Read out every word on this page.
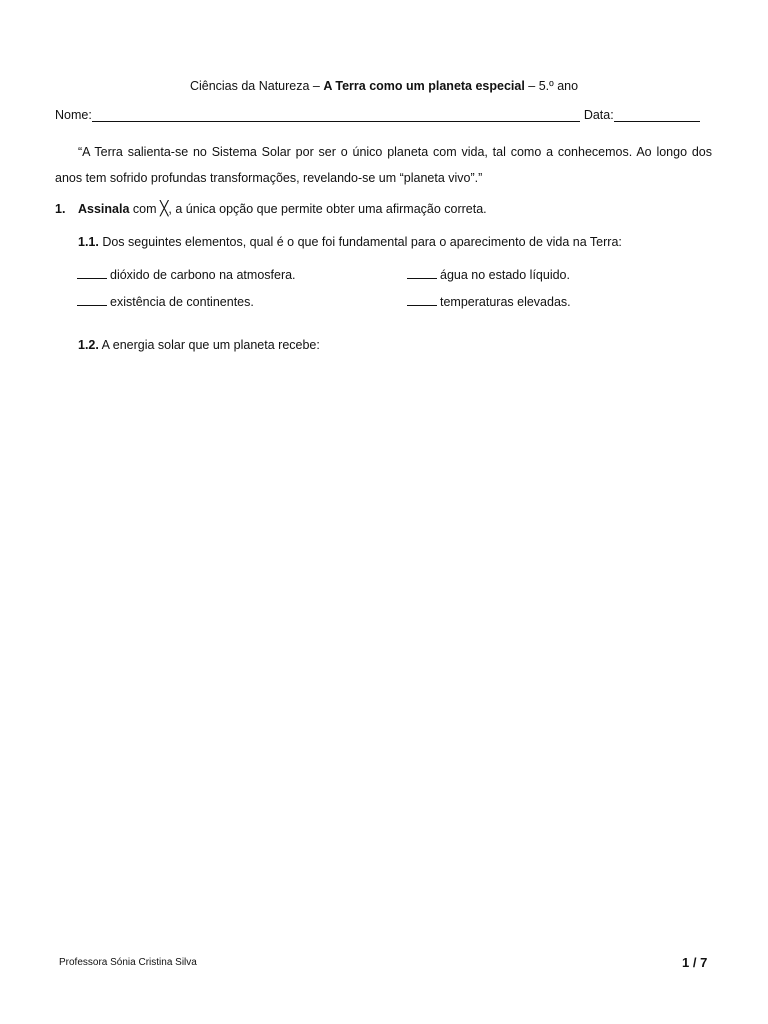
Ciências da Natureza – A Terra como um planeta especial – 5.º ano
Nome:	Data:
“A Terra salienta-se no Sistema Solar por ser o único planeta com vida, tal como a conhecemos. Ao longo dos anos tem sofrido profundas transformações, revelando-se um “planeta vivo”.”
1. Assinala com ╳, a única opção que permite obter uma afirmação correta.
1.1. Dos seguintes elementos, qual é o que foi fundamental para o aparecimento de vida na Terra:
dióxido de carbono na atmosfera.	água no estado líquido.
existência de continentes.	temperaturas elevadas.
1.2. A energia solar que um planeta recebe:
Professora Sónia Cristina Silva	1 / 7
